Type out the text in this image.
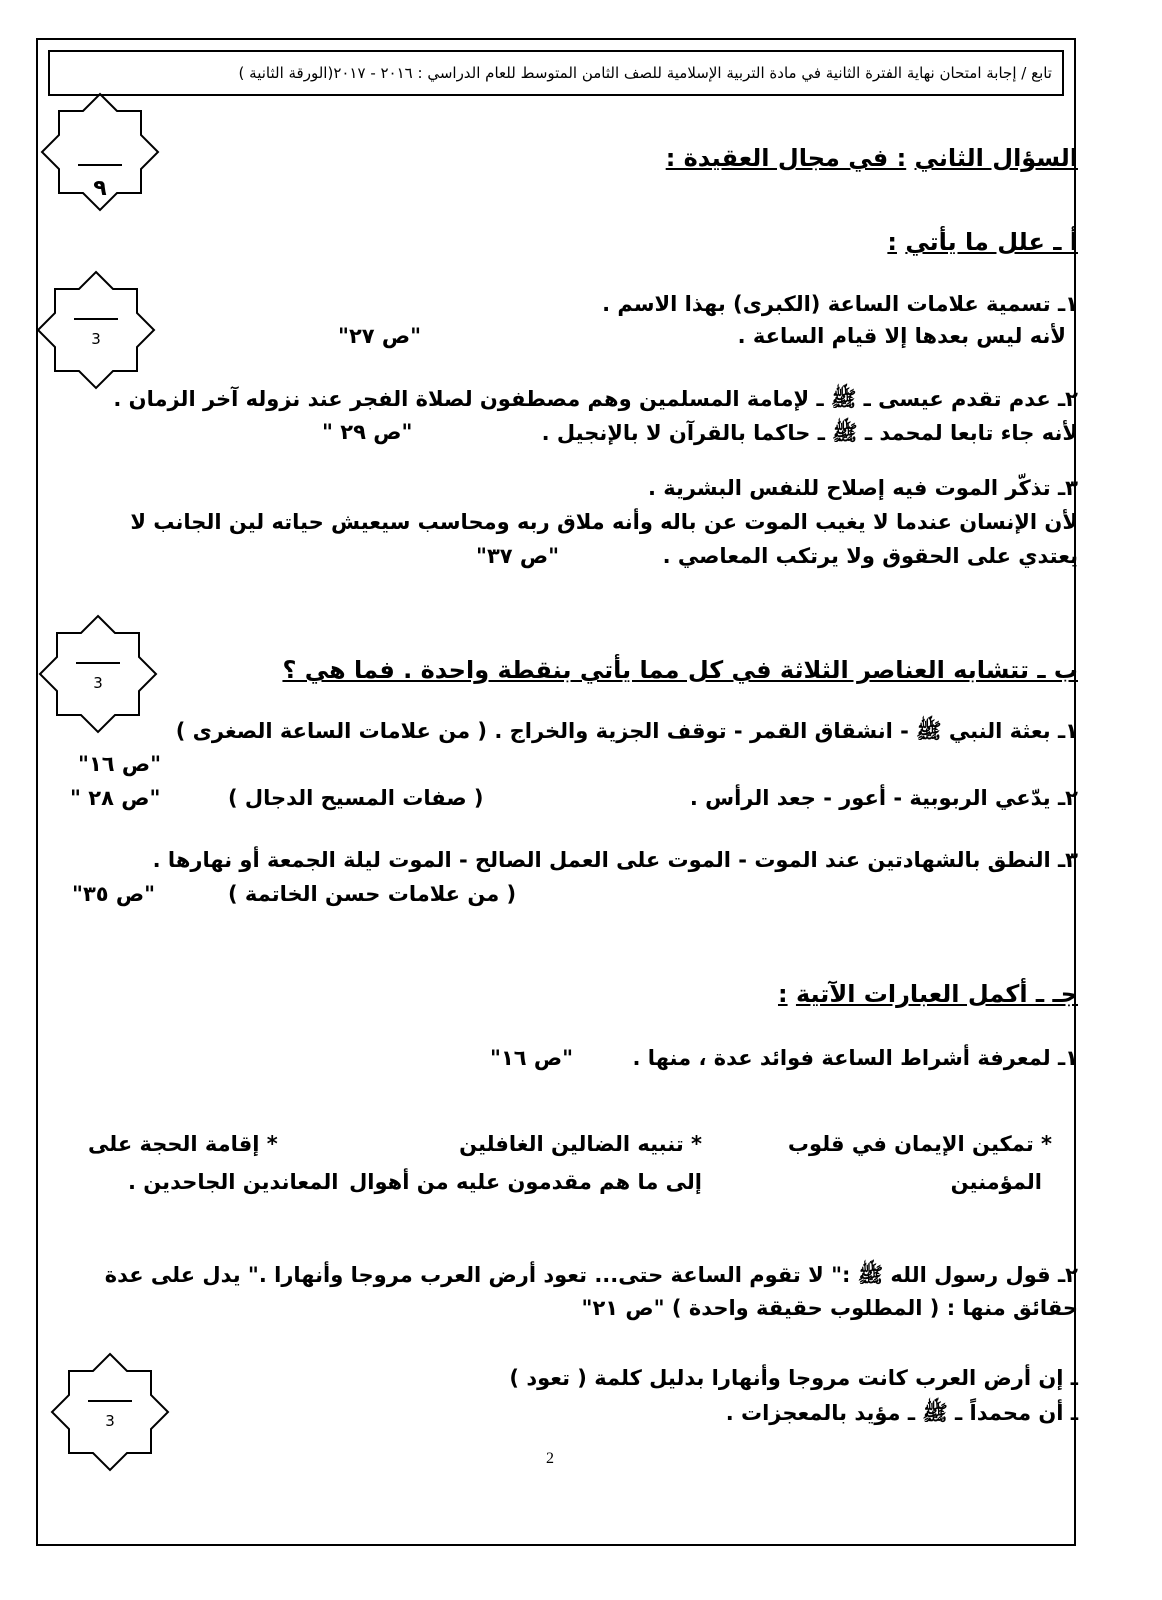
تابع / إجابة امتحان نهاية الفترة الثانية في مادة التربية الإسلامية للصف الثامن المتوسط للعام الدراسي : ٢٠١٦ - ٢٠١٧(الورقة الثانية )
٩
3
3
3
السؤال الثاني : في مجال العقيدة :
أ ـ علل ما يأتي :
١ـ تسمية علامات الساعة (الكبرى) بهذا الاسم .
لأنه ليس بعدها إلا قيام الساعة .
"ص ٢٧"
٢ـ عدم تقدم عيسى ـ ﷺ ـ لإمامة المسلمين وهم مصطفون لصلاة الفجر عند نزوله آخر الزمان .
لأنه جاء تابعا لمحمد ـ ﷺ ـ حاكما بالقرآن لا بالإنجيل .
"ص ٢٩ "
٣ـ تذكّر الموت فيه إصلاح للنفس البشرية .
لأن الإنسان عندما لا يغيب الموت عن باله وأنه ملاق ربه ومحاسب سيعيش حياته لين الجانب لا
يعتدي على الحقوق ولا يرتكب المعاصي .
"ص ٣٧"
ب ـ تتشابه العناصر الثلاثة في كل مما يأتي بنقطة واحدة . فما هي ؟
١ـ بعثة النبي ﷺ - انشقاق القمر - توقف الجزية والخراج . ( من علامات الساعة الصغرى )
"ص ١٦"
٢ـ يدّعي الربوبية - أعور - جعد الرأس .
( صفات المسيح الدجال )
"ص ٢٨ "
٣ـ النطق بالشهادتين عند الموت - الموت على العمل الصالح - الموت ليلة الجمعة أو نهارها .
( من علامات حسن الخاتمة )
"ص ٣٥"
جـ ـ أكمل العبارات الآتية :
١ـ لمعرفة أشراط الساعة فوائد عدة ، منها .
"ص ١٦"
* تمكين الإيمان في قلوب
* تنبيه الضالين الغافلين
* إقامة الحجة على
المؤمنين
إلى ما هم مقدمون عليه من أهوال
المعاندين الجاحدين .
٢ـ قول رسول الله ﷺ :" لا تقوم الساعة حتى... تعود أرض العرب مروجا وأنهارا ." يدل على عدة
حقائق منها : ( المطلوب حقيقة واحدة ) "ص ٢١"
ـ إن أرض العرب كانت مروجا وأنهارا بدليل كلمة ( تعود )
ـ أن محمداً ـ ﷺ ـ مؤيد بالمعجزات .
2
